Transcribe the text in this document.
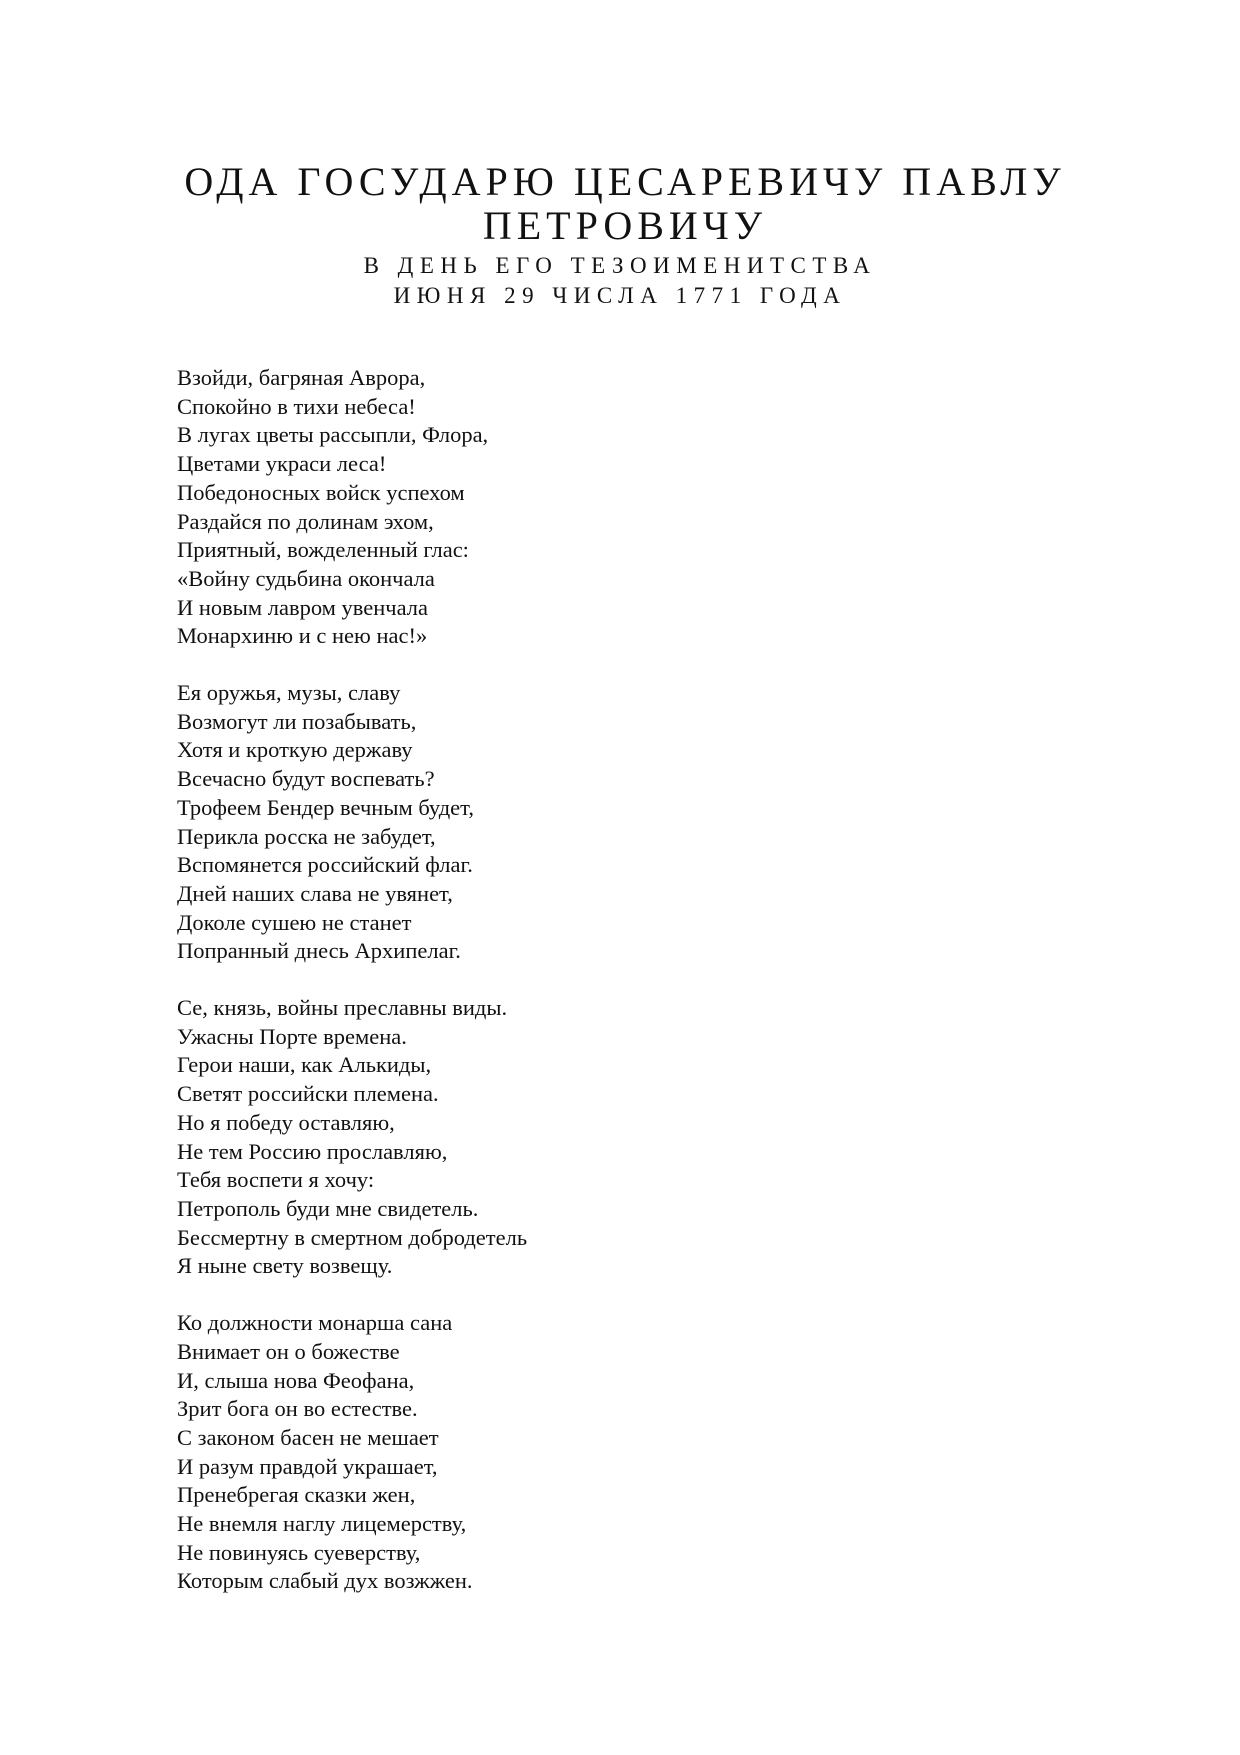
ОДА ГОСУДАРЮ ЦЕСАРЕВИЧУ ПАВЛУ
ПЕТРОВИЧУ
В ДЕНЬ ЕГО ТЕЗОИМЕНИТСТВА
ИЮНЯ 29 ЧИСЛА 1771 ГОДА
Взойди, багряная Аврора,
Спокойно в тихи небеса!
В лугах цветы рассыпли, Флора,
Цветами украси леса!
Победоносных войск успехом
Раздайся по долинам эхом,
Приятный, вожделенный глас:
«Войну судьбина окончала
И новым лавром увенчала
Монархиню и с нею нас!»
Ея оружья, музы, славу
Возмогут ли позабывать,
Хотя и кроткую державу
Всечасно будут воспевать?
Трофеем Бендер вечным будет,
Перикла росска не забудет,
Вспомянется российский флаг.
Дней наших слава не увянет,
Доколе сушею не станет
Попранный днесь Архипелаг.
Се, князь, войны преславны виды.
Ужасны Порте времена.
Герои наши, как Алькиды,
Светят российски племена.
Но я победу оставляю,
Не тем Россию прославляю,
Тебя воспети я хочу:
Петрополь буди мне свидетель.
Бессмертну в смертном добродетель
Я ныне свету возвещу.
Ко должности монарша сана
Внимает он о божестве
И, слыша нова Феофана,
Зрит бога он во естестве.
С законом басен не мешает
И разум правдой украшает,
Пренебрегая сказки жен,
Не внемля наглу лицемерству,
Не повинуясь суеверству,
Которым слабый дух возжжен.
